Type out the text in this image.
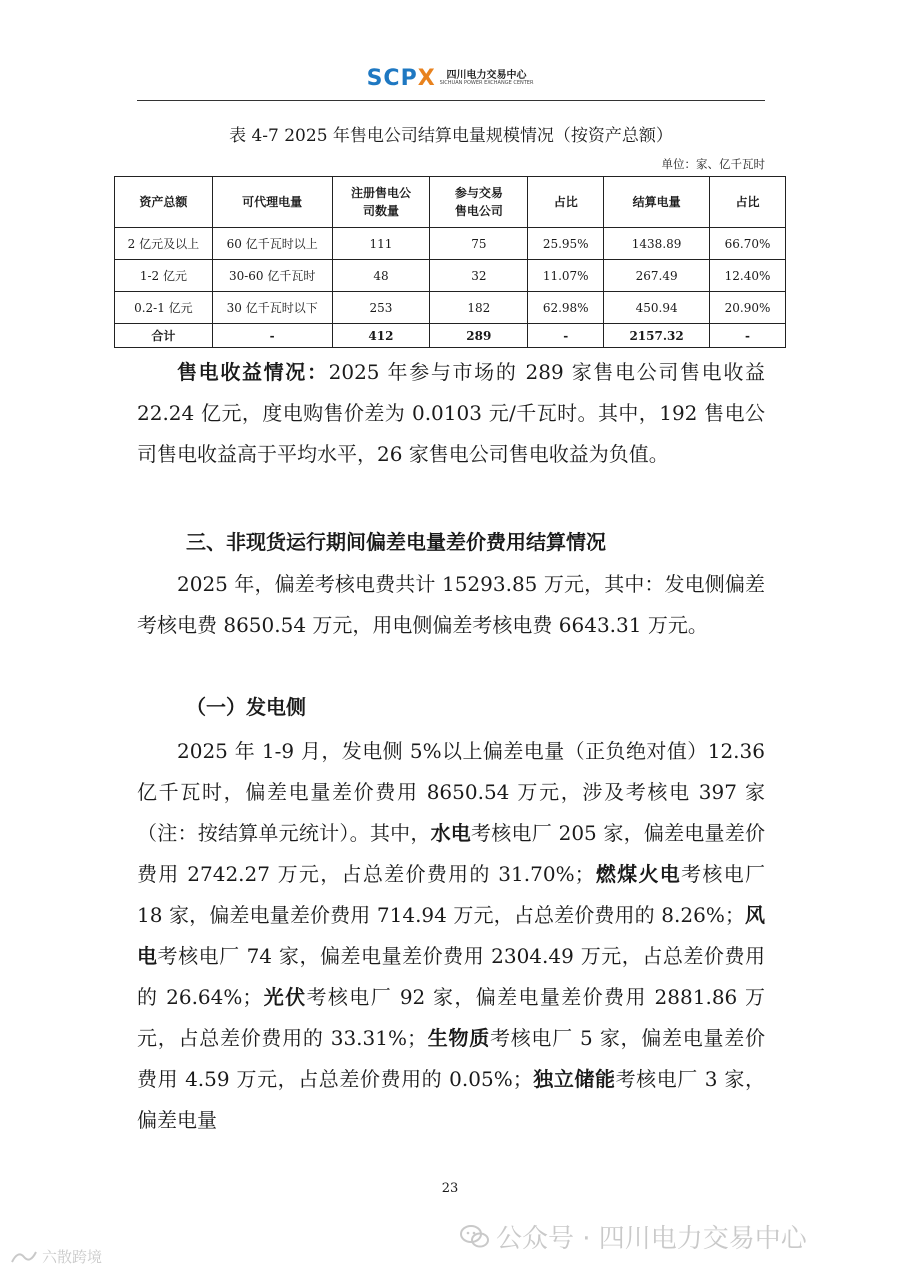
SCPX	四川电力交易中心
SICHUAN POWER EXCHANGE CENTER
表 4-7 2025 年售电公司结算电量规模情况（按资产总额）
单位：家、亿千瓦时
资产总额	可代理电量	注册售电公司数量	参与交易售电公司	占比	结算电量	占比
2 亿元及以上	60 亿千瓦时以上	111	75	25.95%	1438.89	66.70%
1-2 亿元	30-60 亿千瓦时	48	32	11.07%	267.49	12.40%
0.2-1 亿元	30 亿千瓦时以下	253	182	62.98%	450.94	20.90%
合计	-	412	289	-	2157.32	-
售电收益情况：2025 年参与市场的 289 家售电公司售电收益 22.24 亿元，度电购售价差为 0.0103 元/千瓦时。其中，192 售电公司售电收益高于平均水平，26 家售电公司售电收益为负值。
三、非现货运行期间偏差电量差价费用结算情况
2025 年，偏差考核电费共计 15293.85 万元，其中：发电侧偏差考核电费 8650.54 万元，用电侧偏差考核电费 6643.31 万元。
（一）发电侧
2025 年 1-9 月，发电侧 5%以上偏差电量（正负绝对值）12.36 亿千瓦时，偏差电量差价费用 8650.54 万元，涉及考核电 397 家（注：按结算单元统计）。其中，水电考核电厂 205 家，偏差电量差价费用 2742.27 万元，占总差价费用的 31.70%；燃煤火电考核电厂 18 家，偏差电量差价费用 714.94 万元，占总差价费用的 8.26%；风电考核电厂 74 家，偏差电量差价费用 2304.49 万元，占总差价费用的 26.64%；光伏考核电厂 92 家，偏差电量差价费用 2881.86 万元，占总差价费用的 33.31%；生物质考核电厂 5 家，偏差电量差价费用 4.59 万元，占总差价费用的 0.05%；独立储能考核电厂 3 家，偏差电量
23
公众号 · 四川电力交易中心
六散跨境
